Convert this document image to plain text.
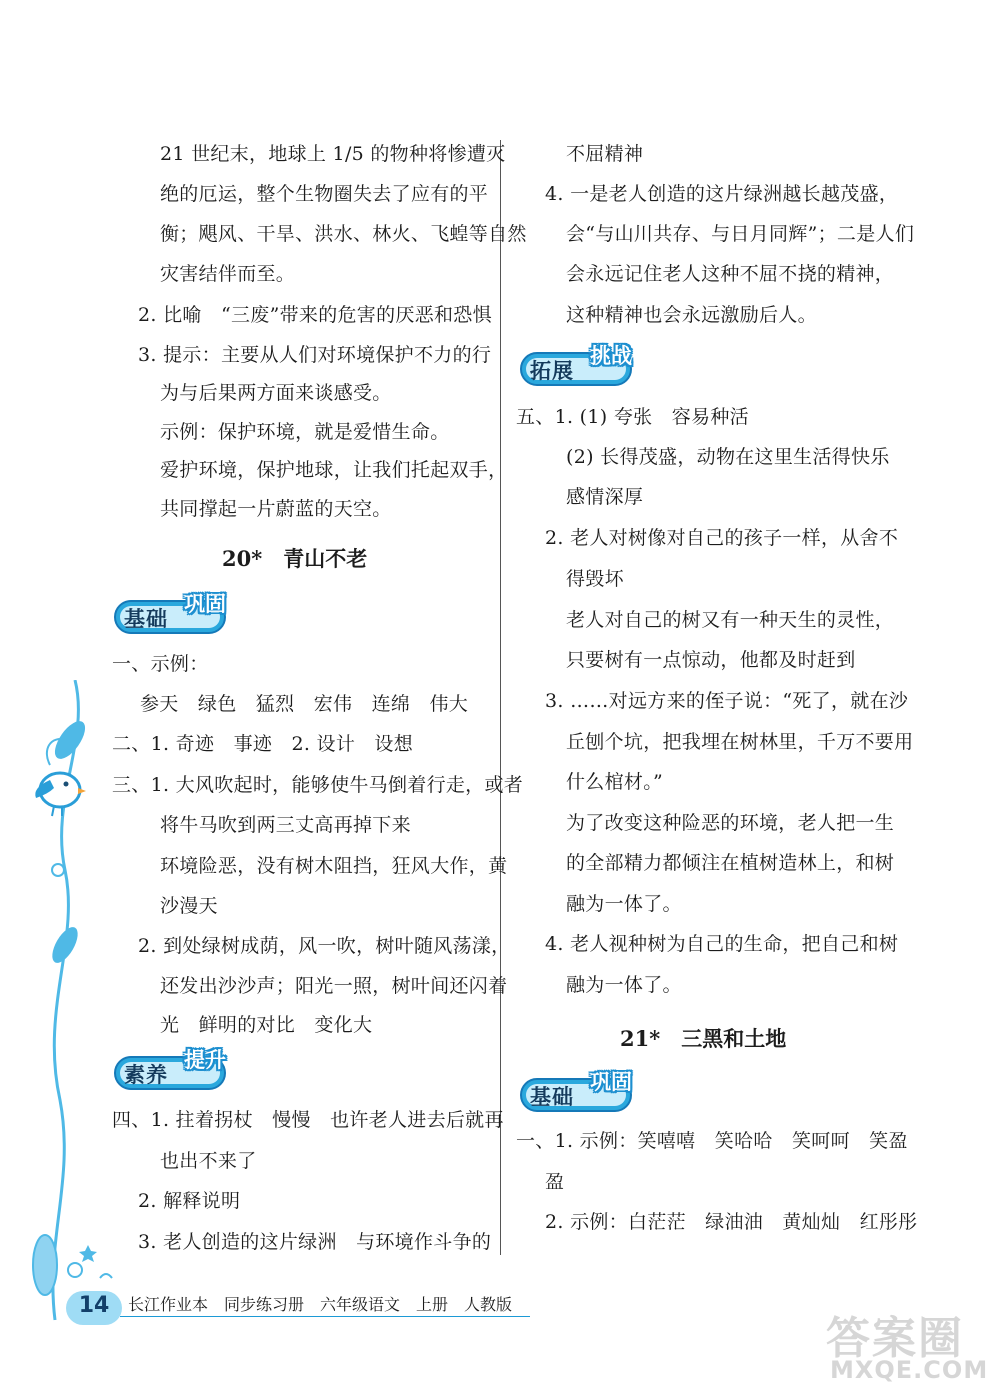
21 世纪末，地球上 1/5 的物种将惨遭灭
绝的厄运，整个生物圈失去了应有的平
衡；飓风、干旱、洪水、林火、飞蝗等自然
灾害结伴而至。
2. 比喻　“三废”带来的危害的厌恶和恐惧
3. 提示：主要从人们对环境保护不力的行
为与后果两方面来谈感受。
示例：保护环境，就是爱惜生命。
爱护环境，保护地球，让我们托起双手，
共同撑起一片蔚蓝的天空。
一、示例：
参天　绿色　猛烈　宏伟　连绵　伟大
二、1. 奇迹　事迹　2. 设计　设想
三、1. 大风吹起时，能够使牛马倒着行走，或者
将牛马吹到两三丈高再掉下来
环境险恶，没有树木阻挡，狂风大作，黄
沙漫天
2. 到处绿树成荫，风一吹，树叶随风荡漾，
还发出沙沙声；阳光一照，树叶间还闪着
光　鲜明的对比　变化大
四、1. 拄着拐杖　慢慢　也许老人进去后就再
也出不来了
2. 解释说明
3. 老人创造的这片绿洲　与环境作斗争的
不屈精神
4. 一是老人创造的这片绿洲越长越茂盛，
会“与山川共存、与日月同辉”；二是人们
会永远记住老人这种不屈不挠的精神，
这种精神也会永远激励后人。
五、1. (1) 夸张　容易种活
(2) 长得茂盛，动物在这里生活得快乐
感情深厚
2. 老人对树像对自己的孩子一样，从舍不
得毁坏
老人对自己的树又有一种天生的灵性，
只要树有一点惊动，他都及时赶到
3. ……对远方来的侄子说：“死了，就在沙
丘刨个坑，把我埋在树林里，千万不要用
什么棺材。”
为了改变这种险恶的环境，老人把一生
的全部精力都倾注在植树造林上，和树
融为一体了。
4. 老人视种树为自己的生命，把自己和树
融为一体了。
一、1. 示例：笑嘻嘻　笑哈哈　笑呵呵　笑盈
盈
2. 示例：白茫茫　绿油油　黄灿灿　红彤彤
20*　青山不老
21*　三黑和土地
拓展
挑战
基础
巩固
素养
提升
基础
巩固
14	长江作业本　同步练习册　六年级语文　上册　人教版
答案圈
MXQE.COM
